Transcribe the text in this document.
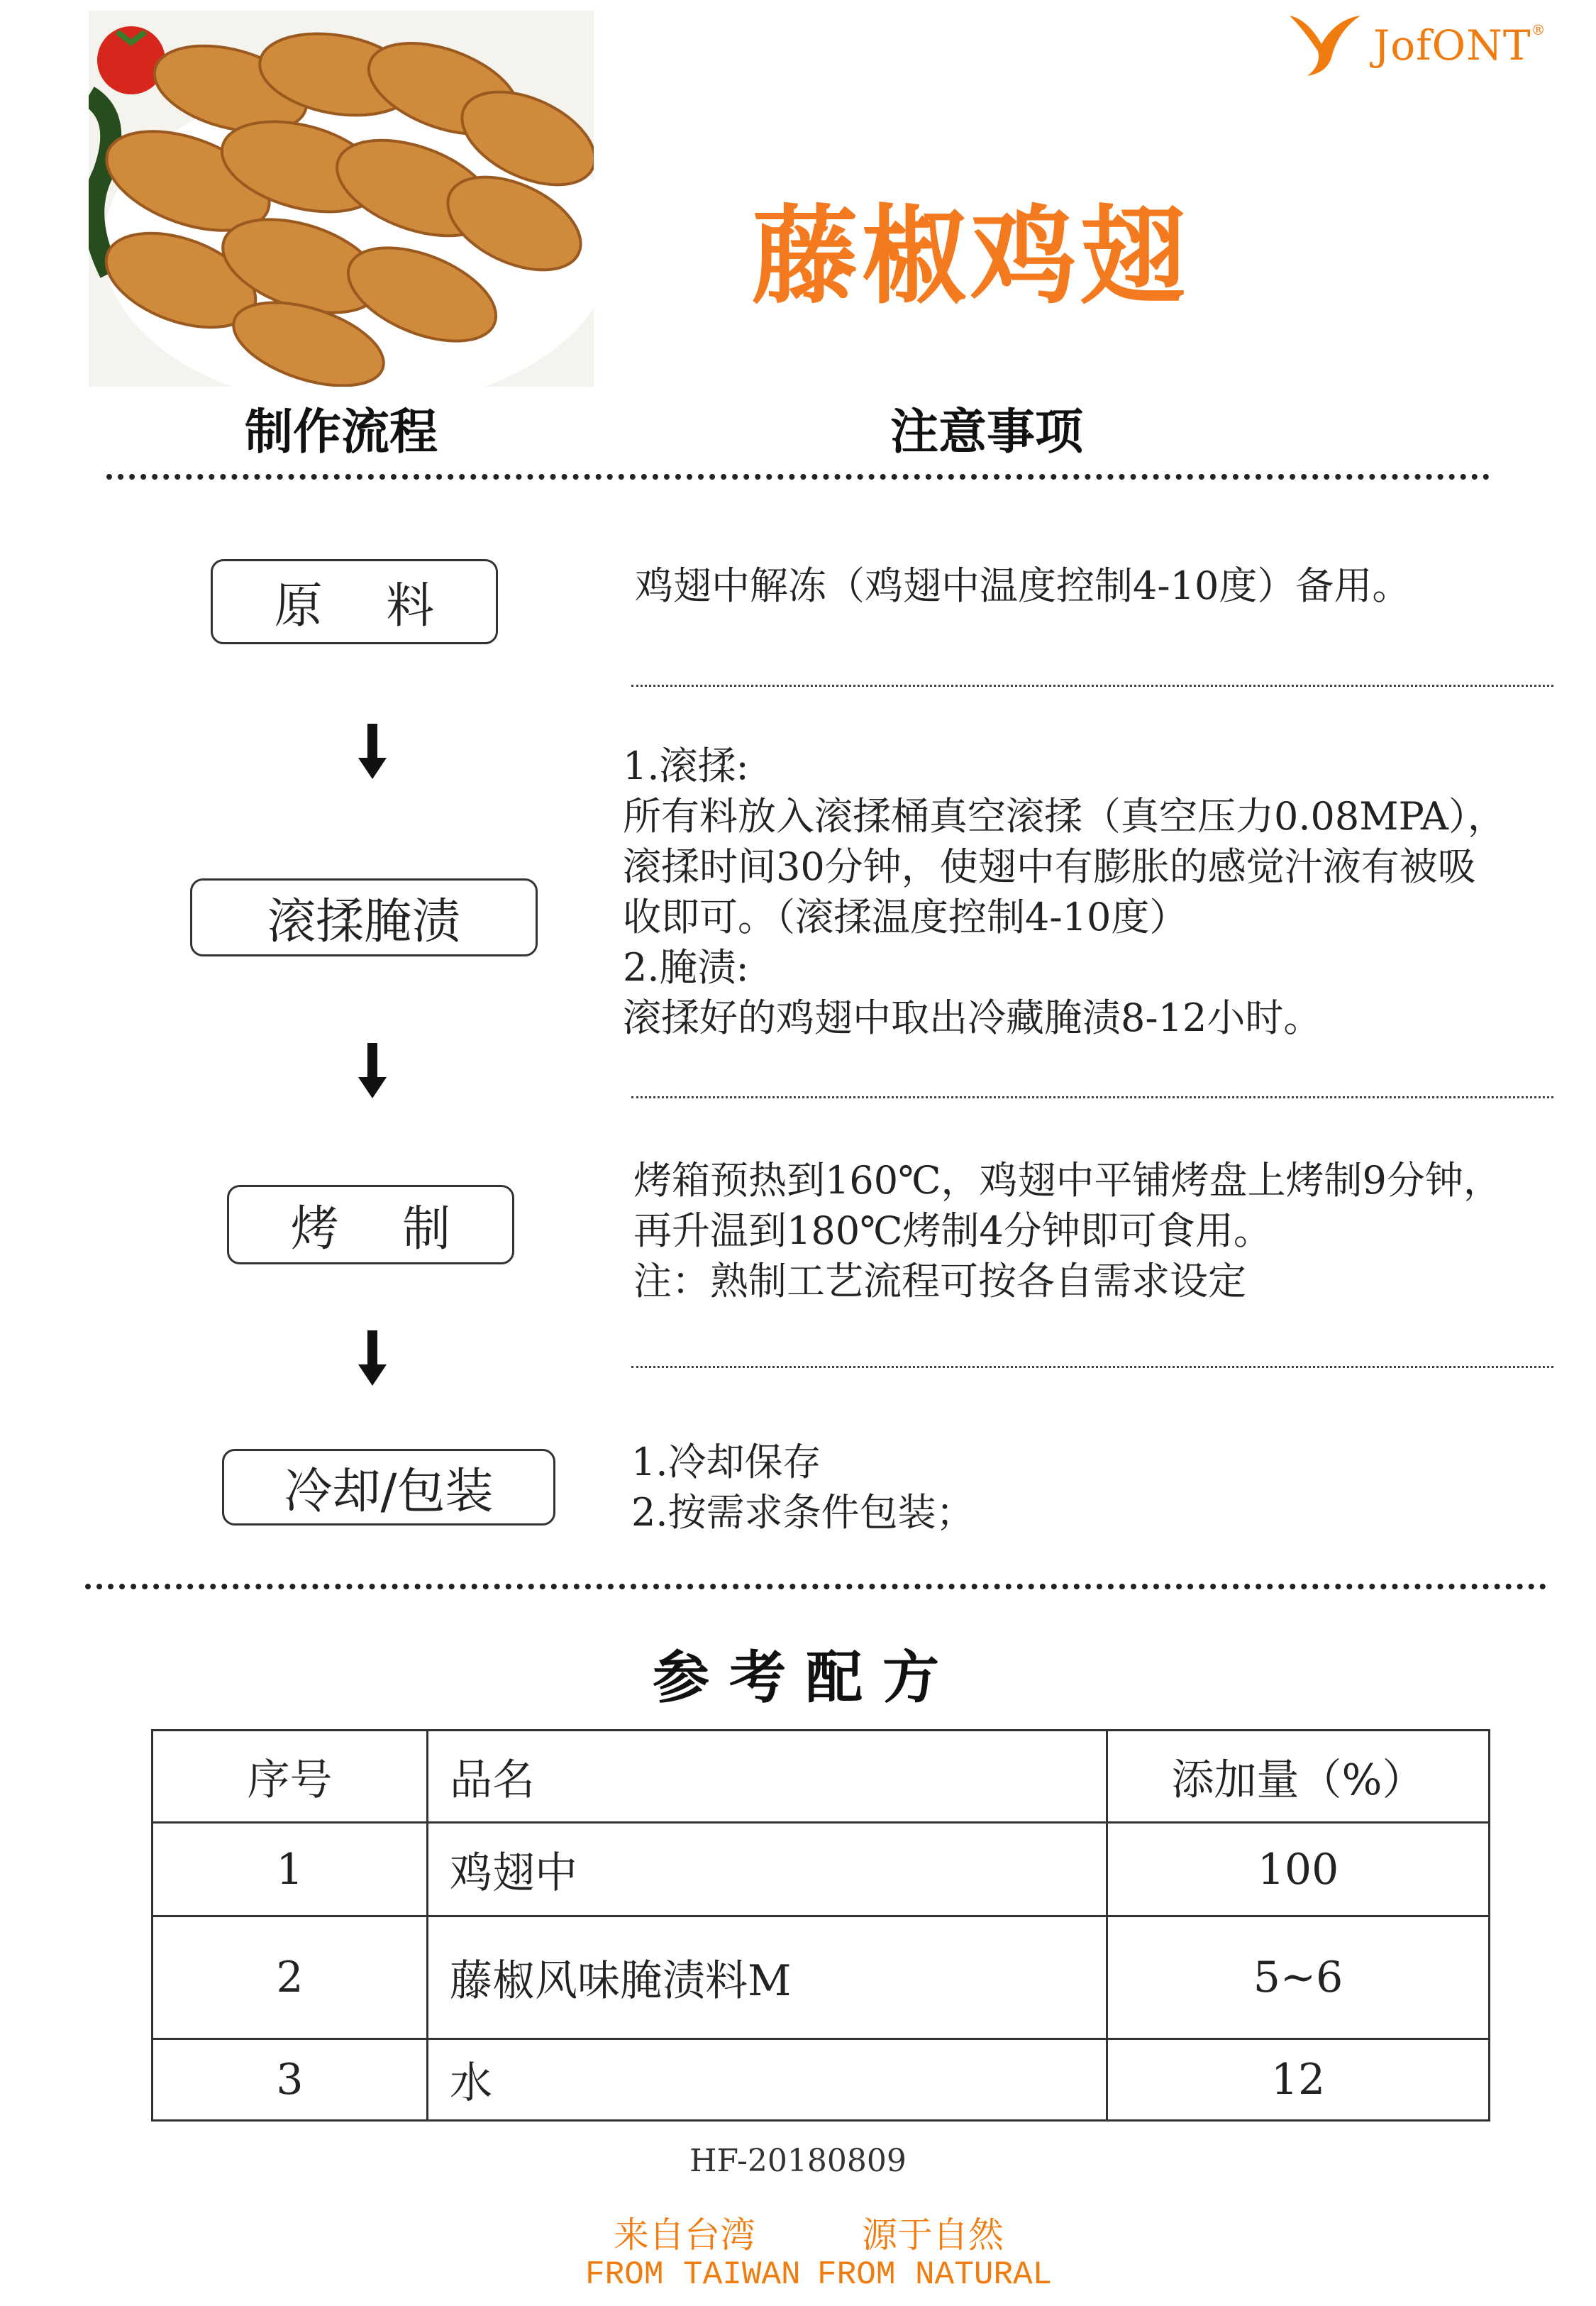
JofONT®
藤椒鸡翅
制作流程	注意事项
原　 料	鸡翅中解冻（鸡翅中温度控制4-10度）备用。
滚揉腌渍
1.滚揉:
所有料放入滚揉桶真空滚揉（真空压力0.08MPA），
滚揉时间30分钟，使翅中有膨胀的感觉汁液有被吸
收即可。（滚揉温度控制4-10度）
2.腌渍:
滚揉好的鸡翅中取出冷藏腌渍8-12小时。
烤　 制
烤箱预热到160℃，鸡翅中平铺烤盘上烤制9分钟，
再升温到180℃烤制4分钟即可食用。
注：熟制工艺流程可按各自需求设定
冷却/包装
1.冷却保存
2.按需求条件包装；
参考配方
序号	品名	添加量（%）
1	鸡翅中	100
2	藤椒风味腌渍料M	5~6
3	水	12
HF-20180809
来自台湾	源于自然
FROM TAIWAN FROM NATURAL
